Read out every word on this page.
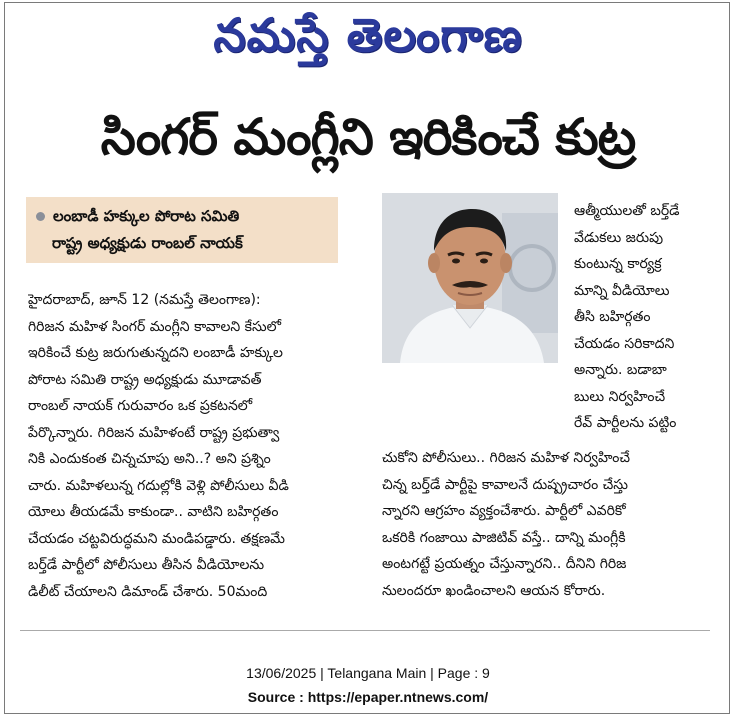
నమస్తే తెలంగాణ
సింగర్ మంగ్లీని ఇరికించే కుట్ర
లంబాడీ హక్కుల పోరాట సమితి
రాష్ట్ర అధ్యక్షుడు రాంబల్ నాయక్
హైదరాబాద్, జూన్ 12 (నమస్తే తెలంగాణ):
గిరిజన మహిళ సింగర్ మంగ్లీని కావాలని కేసులో
ఇరికించే కుట్ర జరుగుతున్నదని లంబాడీ హక్కుల
పోరాట సమితి రాష్ట్ర అధ్యక్షుడు మూడావత్
రాంబల్ నాయక్ గురువారం ఒక ప్రకటనలో
పేర్కొన్నారు. గిరిజన మహిళంటే రాష్ట్ర ప్రభుత్వా
నికి ఎందుకంత చిన్నచూపు అని..? అని ప్రశ్నిం
చారు. మహిళలున్న గదుల్లోకి వెళ్లి పోలీసులు వీడి
యోలు తీయడమే కాకుండా.. వాటిని బహిర్గతం
చేయడం చట్టవిరుద్ధమని మండిపడ్డారు. తక్షణమే
బర్త్‌డే పార్టీలో పోలీసులు తీసిన వీడియోలను
డిలీట్ చేయాలని డిమాండ్ చేశారు. 50మంది
ఆత్మీయులతో బర్త్‌డే
వేడుకలు జరుపు
కుంటున్న కార్యక్ర
మాన్ని వీడియోలు
తీసి బహిర్గతం
చేయడం సరికాదని
అన్నారు. బడాబా
బులు నిర్వహించే
రేవ్ పార్టీలను పట్టిం
చుకోని పోలీసులు.. గిరిజన మహిళ నిర్వహించే
చిన్న బర్త్‌డే పార్టీపై కావాలనే దుష్ప్రచారం చేస్తు
న్నారని ఆగ్రహం వ్యక్తంచేశారు. పార్టీలో ఎవరికో
ఒకరికి గంజాయి పాజిటివ్ వస్తే.. దాన్ని మంగ్లీకి
అంటగట్టే ప్రయత్నం చేస్తున్నారని.. దీనిని గిరిజ
నులందరూ ఖండించాలని ఆయన కోరారు.
13/06/2025 | Telangana Main | Page : 9
Source : https://epaper.ntnews.com/
